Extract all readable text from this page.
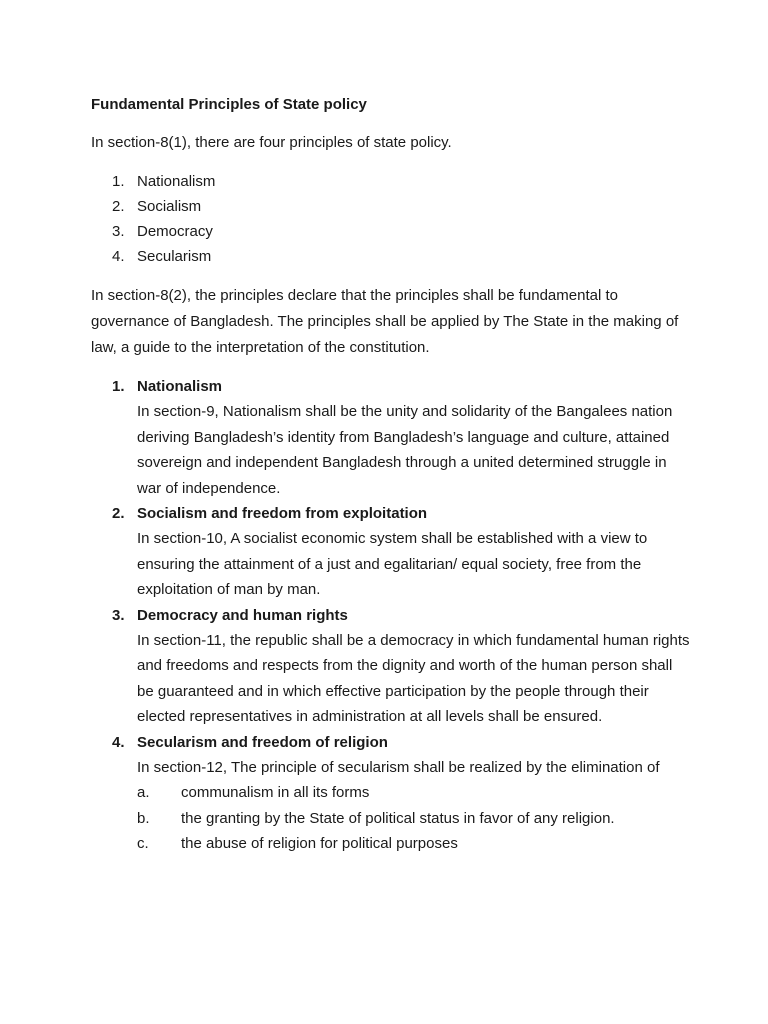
Fundamental Principles of State policy

In section-8(1), there are four principles of state policy.

1. Nationalism
2. Socialism
3. Democracy
4. Secularism

In section-8(2), the principles declare that the principles shall be fundamental to governance of Bangladesh. The principles shall be applied by The State in the making of law, a guide to the interpretation of the constitution.

1. Nationalism
In section-9, Nationalism shall be the unity and solidarity of the Bangalees nation deriving Bangladesh’s identity from Bangladesh’s language and culture, attained sovereign and independent Bangladesh through a united determined struggle in war of independence.
2. Socialism and freedom from exploitation
In section-10, A socialist economic system shall be established with a view to ensuring the attainment of a just and egalitarian/ equal society, free from the exploitation of man by man.
3. Democracy and human rights
In section-11, the republic shall be a democracy in which fundamental human rights and freedoms and respects from the dignity and worth of the human person shall be guaranteed and in which effective participation by the people through their elected representatives in administration at all levels shall be ensured.
4. Secularism and freedom of religion
In section-12, The principle of secularism shall be realized by the elimination of
a. communalism in all its forms
b. the granting by the State of political status in favor of any religion.
c. the abuse of religion for political purposes
